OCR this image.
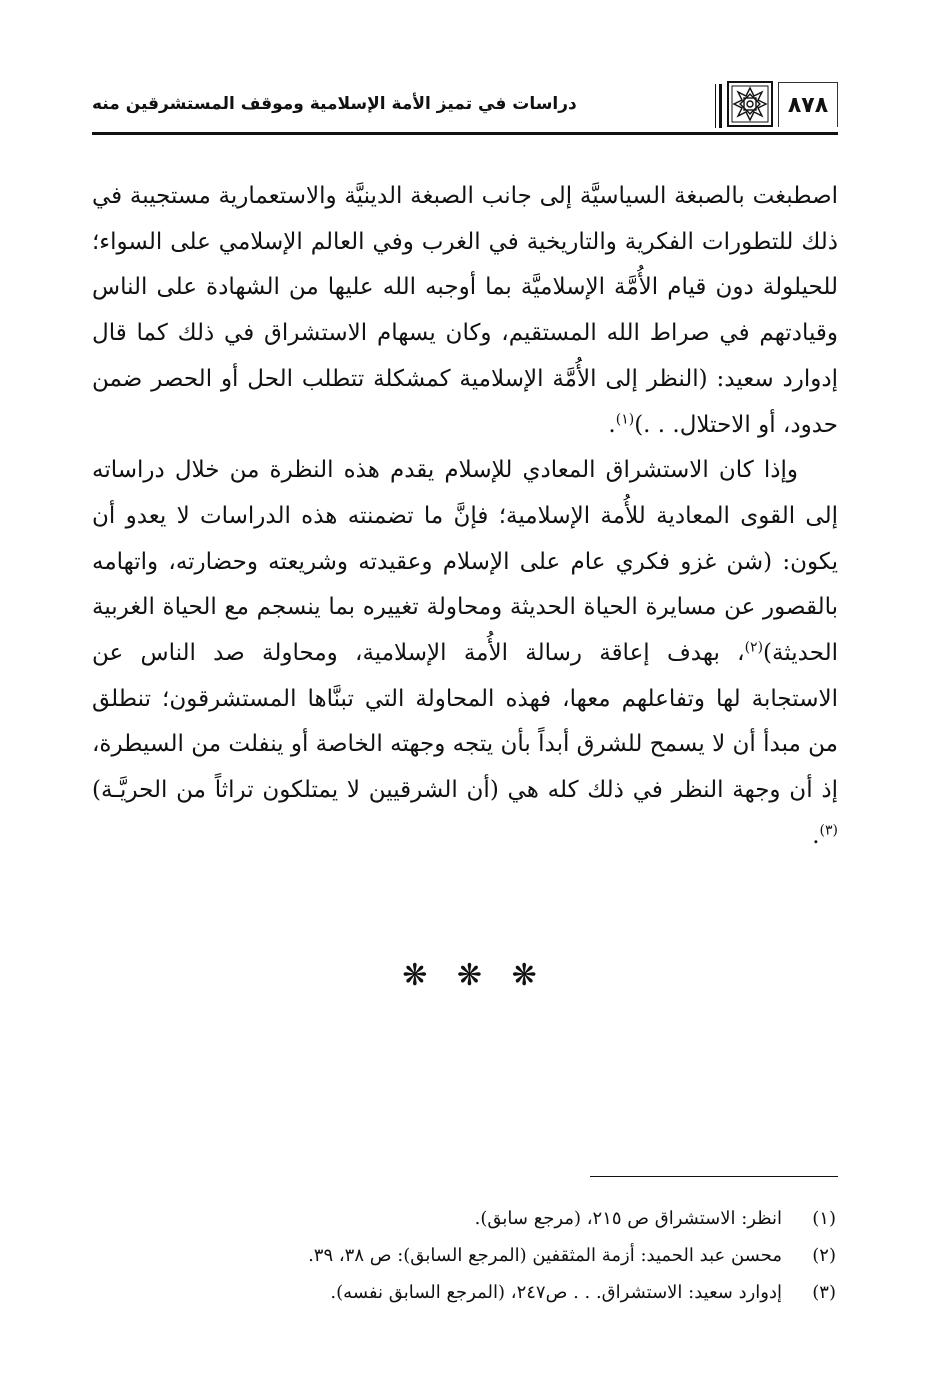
٨٧٨
دراسات في تميز الأمة الإسلامية وموقف المستشرقين منه

اصطبغت بالصبغة السياسيَّة إلى جانب الصبغة الدينيَّة والاستعمارية مستجيبة في ذلك للتطورات الفكرية والتاريخية في الغرب وفي العالم الإسلامي على السواء؛ للحيلولة دون قيام الأُمَّة الإسلاميَّة بما أوجبه الله عليها من الشهادة على الناس وقيادتهم في صراط الله المستقيم، وكان يسهام الاستشراق في ذلك كما قال إدوارد سعيد: (النظر إلى الأُمَّة الإسلامية كمشكلة تتطلب الحل أو الحصر ضمن حدود، أو الاحتلال. . .)$^{(١)}$.

وإذا كان الاستشراق المعادي للإسلام يقدم هذه النظرة من خلال دراساته إلى القوى المعادية للأُمة الإسلامية؛ فإنَّ ما تضمنته هذه الدراسات لا يعدو أن يكون: (شن غزو فكري عام على الإسلام وعقيدته وشريعته وحضارته، واتهامه بالقصور عن مسايرة الحياة الحديثة ومحاولة تغييره بما ينسجم مع الحياة الغربية الحديثة)$^{(٢)}$، بهدف إعاقة رسالة الأُمة الإسلامية، ومحاولة صد الناس عن الاستجابة لها وتفاعلهم معها، فهذه المحاولة التي تبنَّاها المستشرقون؛ تنطلق من مبدأ أن لا يسمح للشرق أبداً بأن يتجه وجهته الخاصة أو ينفلت من السيطرة، إذ أن وجهة النظر في ذلك كله هي (أن الشرقيين لا يمتلكون تراثاً من الحريَّـة)$^{(٣)}$.

❋ ❋ ❋
(١)
انظر: الاستشراق ص ٢١٥، (مرجع سابق).
(٢)
محسن عبد الحميد: أزمة المثقفين (المرجع السابق): ص ٣٨، ٣٩.
(٣)
إدوارد سعيد: الاستشراق. . . ص٢٤٧، (المرجع السابق نفسه).
